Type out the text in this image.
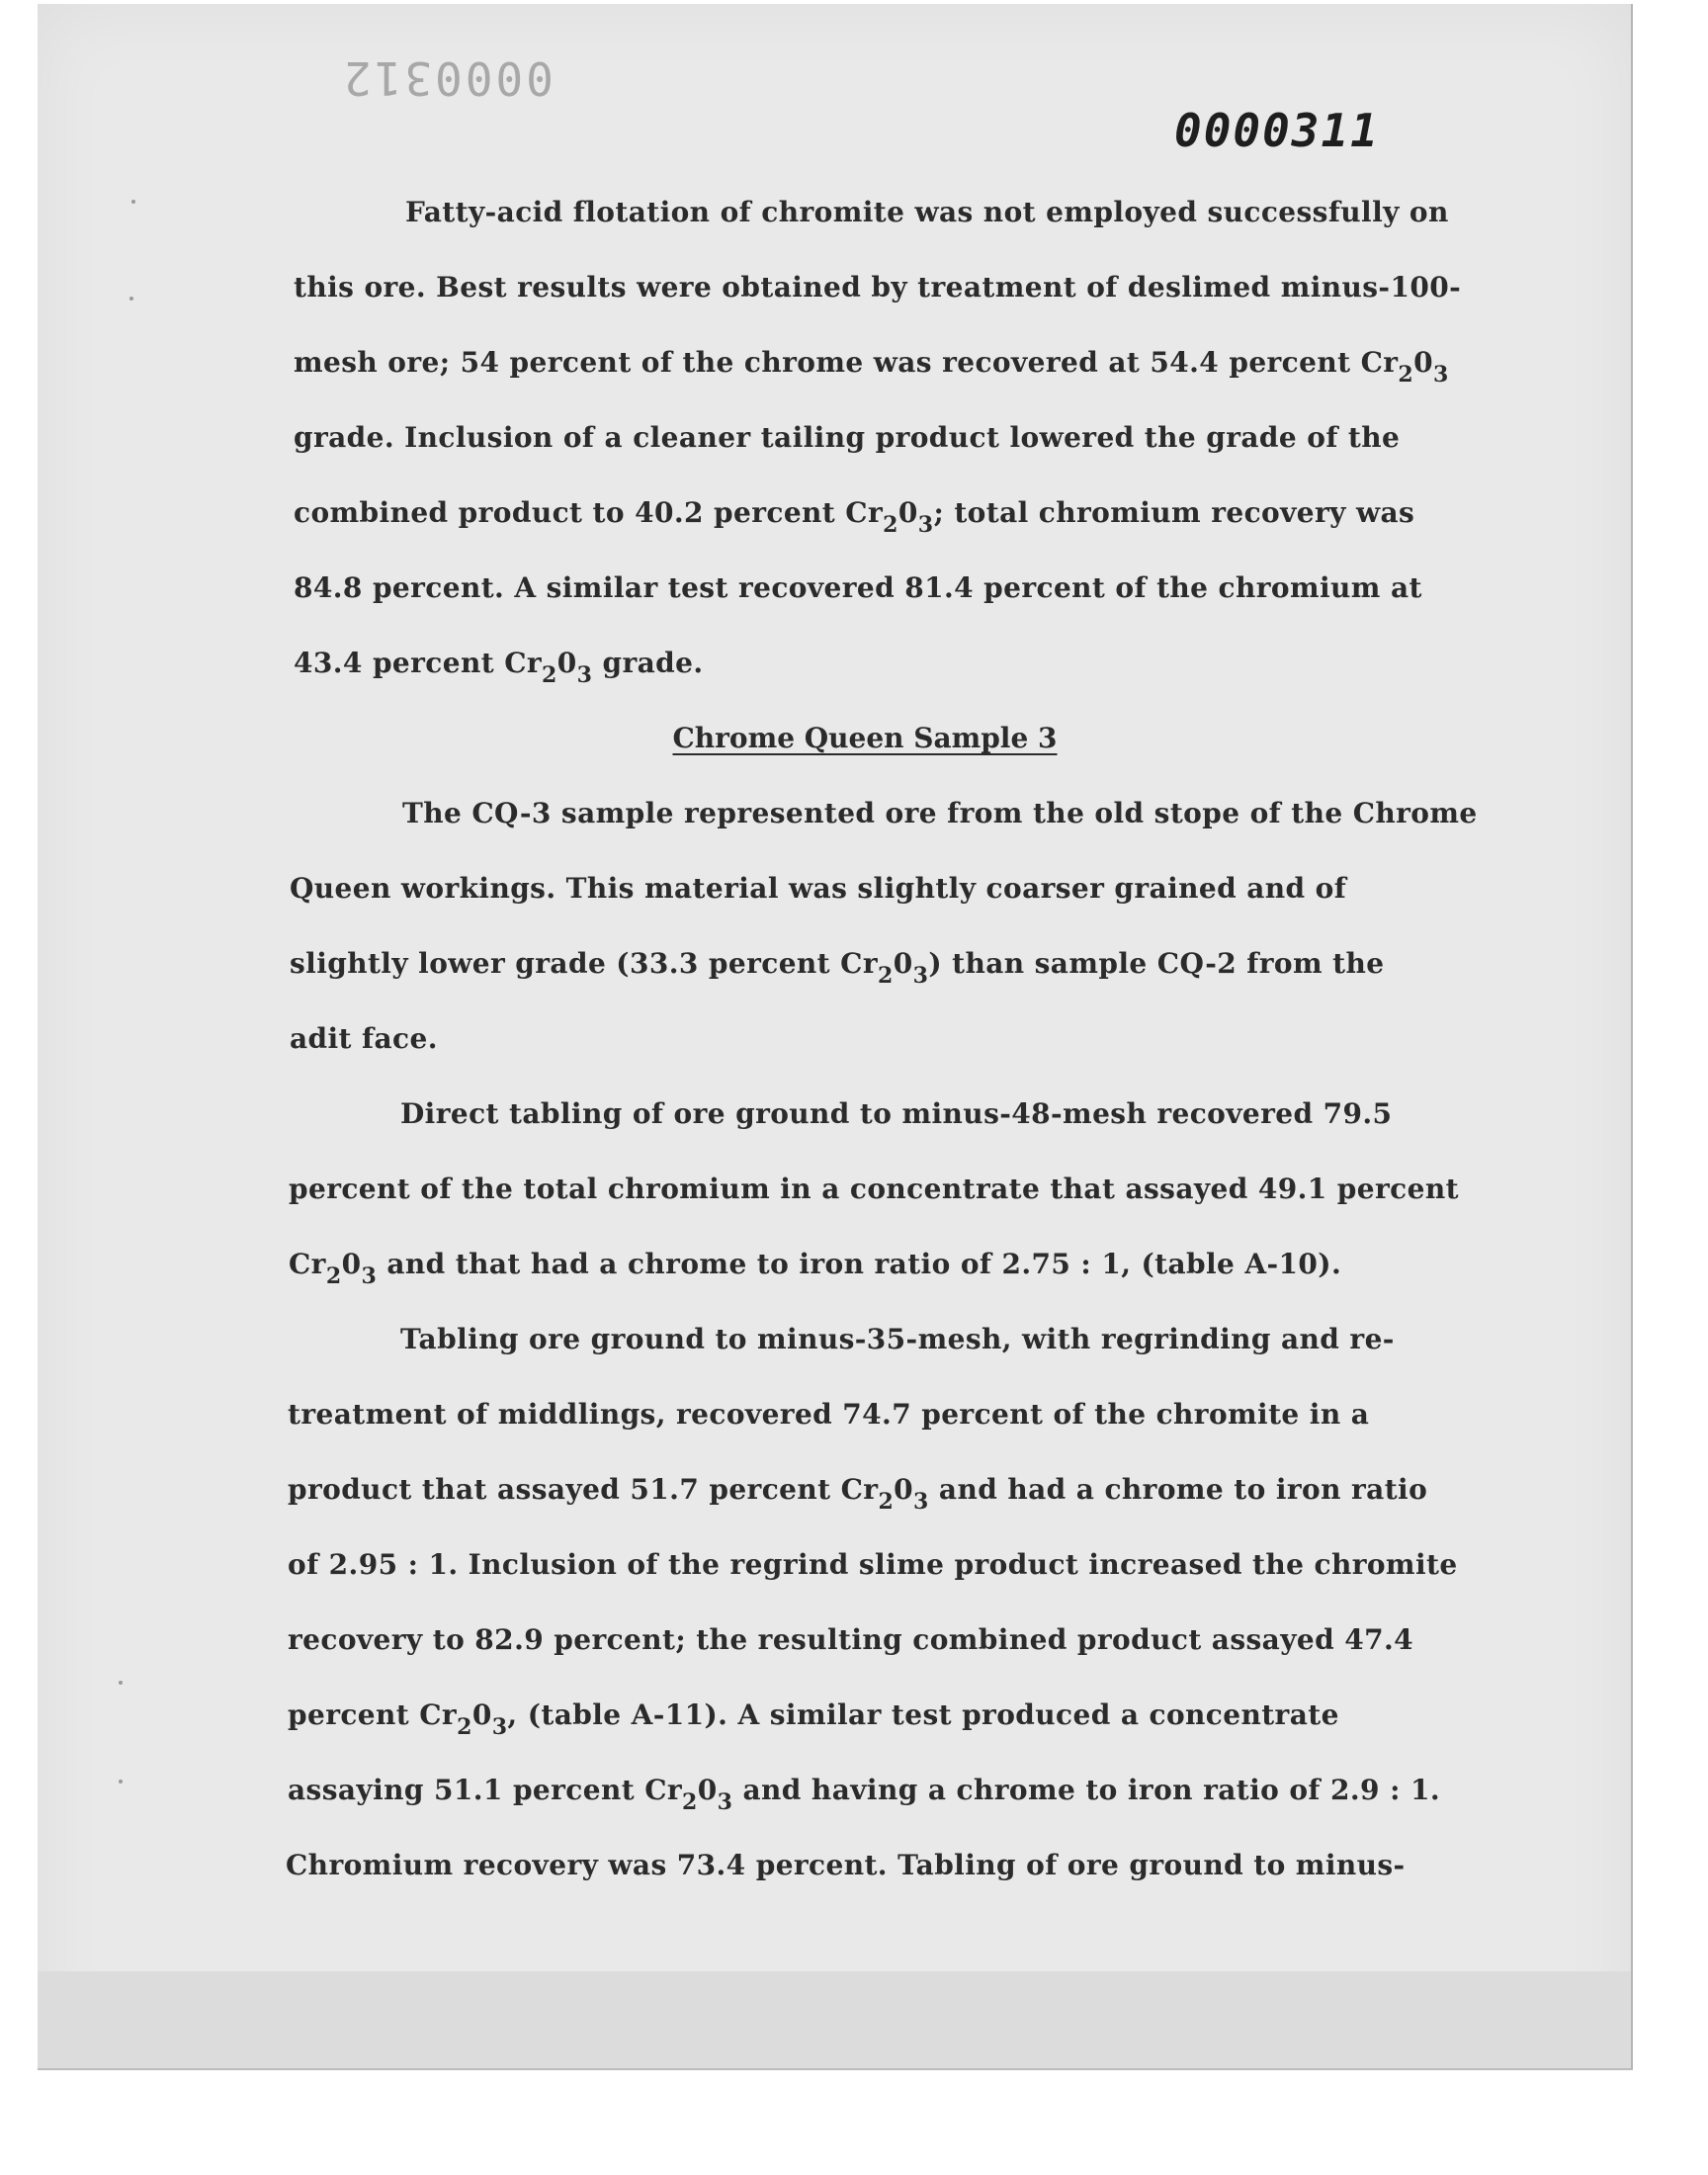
0000312
0000311
Fatty-acid flotation of chromite was not employed successfully on
this ore. Best results were obtained by treatment of deslimed minus-100-
mesh ore; 54 percent of the chrome was recovered at 54.4 percent $Cr_20_3$
grade. Inclusion of a cleaner tailing product lowered the grade of the
combined product to 40.2 percent $Cr_20_3$; total chromium recovery was
84.8 percent. A similar test recovered 81.4 percent of the chromium at
43.4 percent $Cr_20_3$ grade.
Chrome Queen Sample 3
The CQ-3 sample represented ore from the old stope of the Chrome
Queen workings. This material was slightly coarser grained and of
slightly lower grade (33.3 percent $Cr_20_3$) than sample CQ-2 from the
adit face.
Direct tabling of ore ground to minus-48-mesh recovered 79.5
percent of the total chromium in a concentrate that assayed 49.1 percent
$Cr_20_3$ and that had a chrome to iron ratio of 2.75 : 1, (table A-10).
Tabling ore ground to minus-35-mesh, with regrinding and re-
treatment of middlings, recovered 74.7 percent of the chromite in a
product that assayed 51.7 percent $Cr_20_3$ and had a chrome to iron ratio
of 2.95 : 1. Inclusion of the regrind slime product increased the chromite
recovery to 82.9 percent; the resulting combined product assayed 47.4
percent $Cr_20_3$, (table A-11). A similar test produced a concentrate
assaying 51.1 percent $Cr_20_3$ and having a chrome to iron ratio of 2.9 : 1.
Chromium recovery was 73.4 percent. Tabling of ore ground to minus-
